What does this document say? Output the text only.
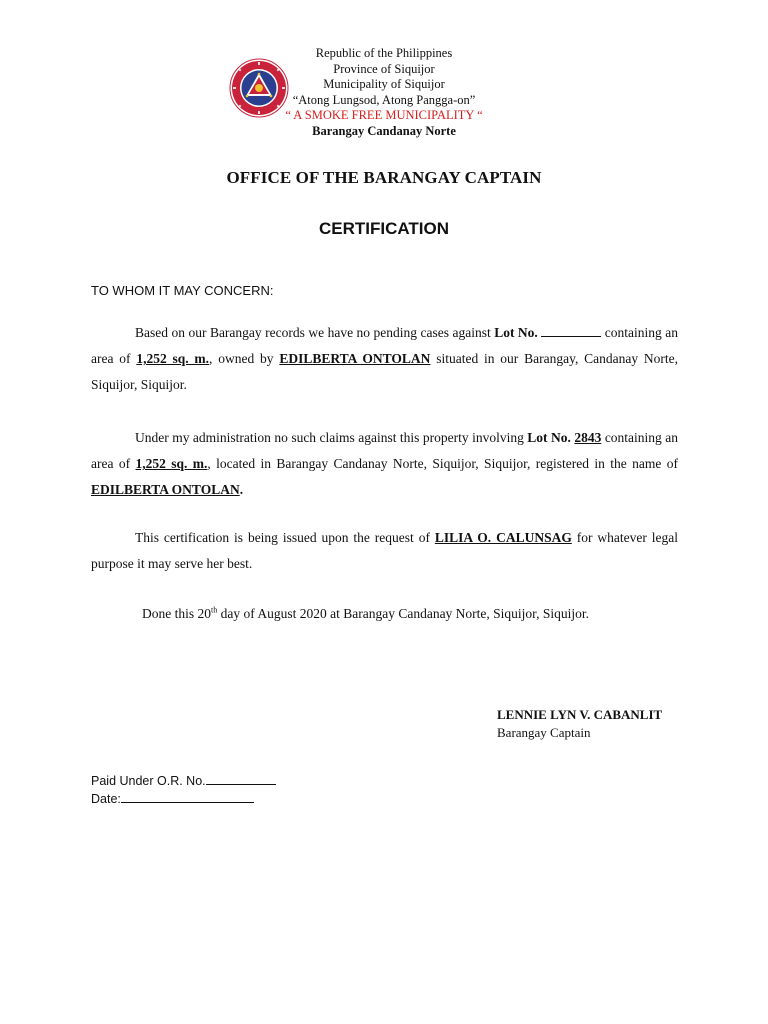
Republic of the Philippines
Province of Siquijor
Municipality of Siquijor
“Atong Lungsod, Atong Pangga-on”
“ A SMOKE FREE MUNICIPALITY “
Barangay Candanay Norte
OFFICE OF THE BARANGAY CAPTAIN
CERTIFICATION
TO WHOM IT MAY CONCERN:
Based on our Barangay records we have no pending cases against Lot No.	containing an area of 1,252 sq. m., owned by EDILBERTA ONTOLAN situated in our Barangay, Candanay Norte, Siquijor, Siquijor.
Under my administration no such claims against this property involving Lot No. 2843 containing an area of 1,252 sq. m., located in Barangay Candanay Norte, Siquijor, Siquijor, registered in the name of EDILBERTA ONTOLAN.
This certification is being issued upon the request of LILIA O. CALUNSAG for whatever legal purpose it may serve her best.
Done this 20th day of August 2020 at Barangay Candanay Norte, Siquijor, Siquijor.
LENNIE LYN V. CABANLIT
Barangay Captain
Paid Under O.R. No.
Date:
